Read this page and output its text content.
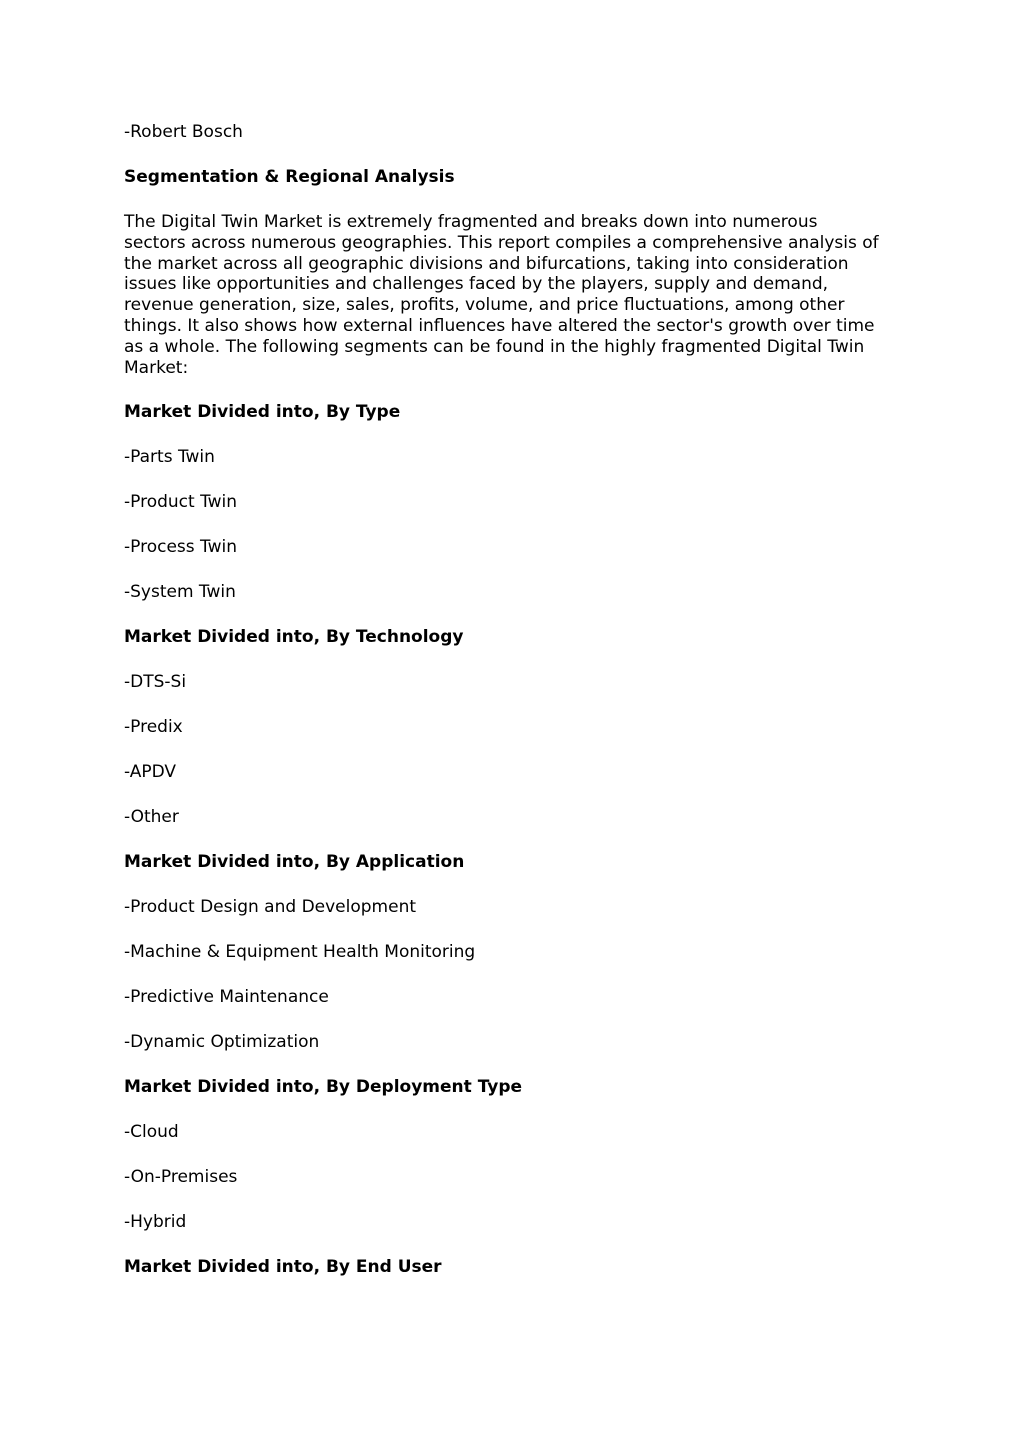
-Robert Bosch
Segmentation & Regional Analysis
The Digital Twin Market is extremely fragmented and breaks down into numerous
sectors across numerous geographies. This report compiles a comprehensive analysis of
the market across all geographic divisions and bifurcations, taking into consideration
issues like opportunities and challenges faced by the players, supply and demand,
revenue generation, size, sales, profits, volume, and price fluctuations, among other
things. It also shows how external influences have altered the sector's growth over time
as a whole. The following segments can be found in the highly fragmented Digital Twin
Market:
Market Divided into, By Type
-Parts Twin
-Product Twin
-Process Twin
-System Twin
Market Divided into, By Technology
-DTS-Si
-Predix
-APDV
-Other
Market Divided into, By Application
-Product Design and Development
-Machine & Equipment Health Monitoring
-Predictive Maintenance
-Dynamic Optimization
Market Divided into, By Deployment Type
-Cloud
-On-Premises
-Hybrid
Market Divided into, By End User
